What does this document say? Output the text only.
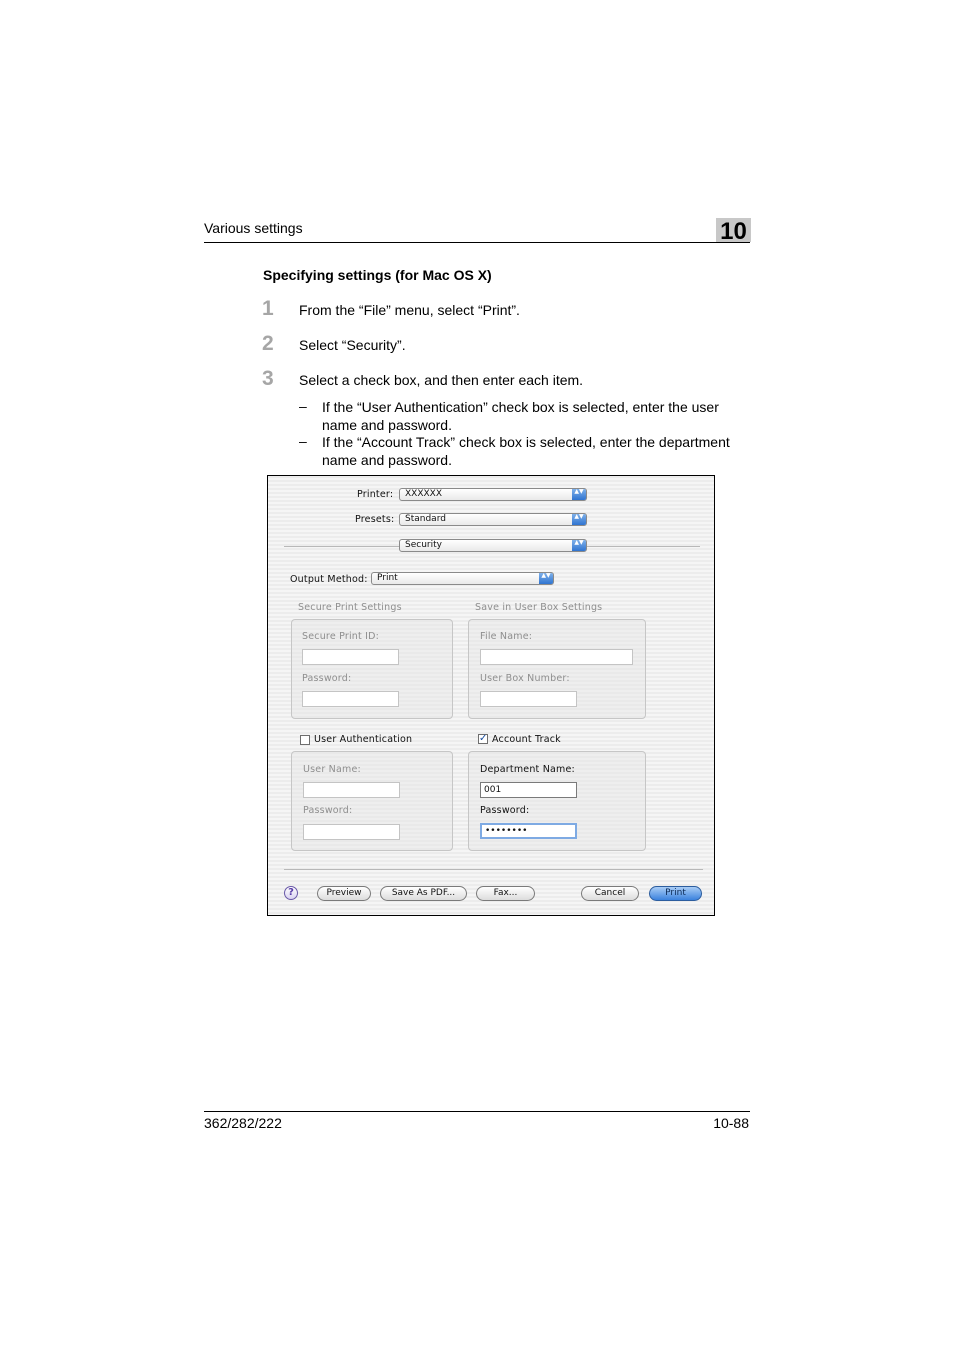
Various settings	10
Specifying settings (for Mac OS X)
1 From the “File” menu, select “Print”.
2 Select “Security”.
3 Select a check box, and then enter each item.
– If the “User Authentication” check box is selected, enter the user name and password.
– If the “Account Track” check box is selected, enter the department name and password.
Printer:	XXXXXX	▲▼
Presets:	Standard	▲▼
Security	▲▼
Output Method:	Print	▲▼
Secure Print Settings
Secure Print ID:
Password:
Save in User Box Settings
File Name:
User Box Number:
User Authentication
User Name:
Password:
✓ Account Track
Department Name:
001
Password:
••••••••
?	Preview	Save As PDF...	Fax...	Cancel	Print
362/282/222	10-88
